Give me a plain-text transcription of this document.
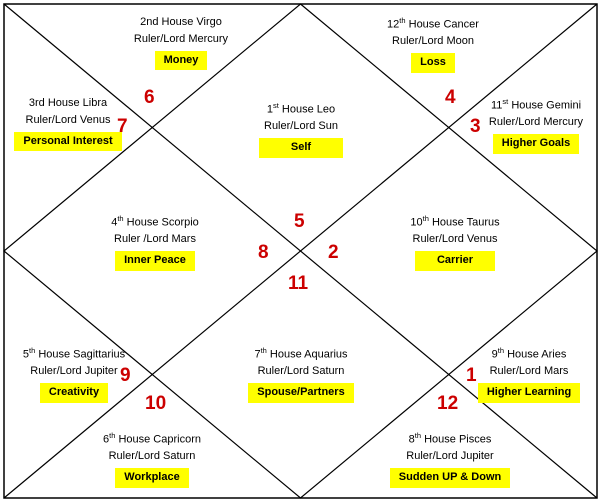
2nd House Virgo
Ruler/Lord Mercury
Money
12th House Cancer
Ruler/Lord Moon
Loss
3rd House Libra
Ruler/Lord Venus
Personal Interest
11st House Gemini
Ruler/Lord Mercury
Higher Goals
1st House Leo
Ruler/Lord Sun
Self
4th House Scorpio
Ruler /Lord Mars
Inner Peace
10th House Taurus
Ruler/Lord Venus
Carrier
5th House Sagittarius
Ruler/Lord Jupiter
Creativity
9th House Aries
Ruler/Lord Mars
Higher Learning
7th House Aquarius
Ruler/Lord Saturn
Spouse/Partners
6th House Capricorn
Ruler/Lord Saturn
Workplace
8th House Pisces
Ruler/Lord Jupiter
Sudden UP & Down
5
2
8
11
6
7
4
3
9
10
1
12
